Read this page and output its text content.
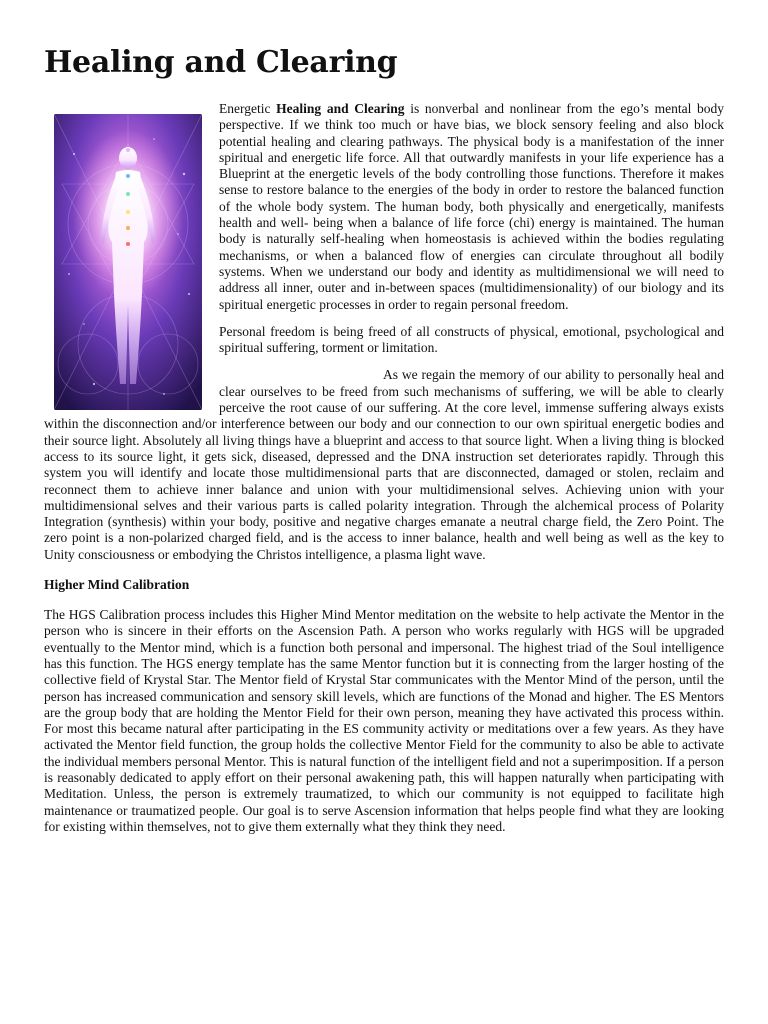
Healing and Clearing

Energetic Healing and Clearing is nonverbal and nonlinear from the ego’s mental body perspective. If we think too much or have bias, we block sensory feeling and also block potential healing and clearing pathways. The physical body is a manifestation of the inner spiritual and energetic life force. All that outwardly manifests in your life experience has a Blueprint at the energetic levels of the body controlling those functions. Therefore it makes sense to restore balance to the energies of the body in order to restore the balanced function of the whole body system. The human body, both physically and energetically, manifests health and well- being when a balance of life force (chi) energy is maintained. The human body is naturally self-healing when homeostasis is achieved within the bodies regulating mechanisms, or when a balanced flow of energies can circulate throughout all bodily systems. When we understand our body and identity as multidimensional we will need to address all inner, outer and in-between spaces (multidimensionality) of our biology and its spiritual energetic processes in order to regain personal freedom.

Personal freedom is being freed of all constructs of physical, emotional, psychological and spiritual suffering, torment or limitation.

As we regain the memory of our ability to personally heal and clear ourselves to be freed from such mechanisms of suffering, we will be able to clearly perceive the root cause of our suffering. At the core level, immense suffering always exists within the disconnection and/or interference between our body and our connection to our own spiritual energetic bodies and their source light. Absolutely all living things have a blueprint and access to that source light. When a living thing is blocked access to its source light, it gets sick, diseased, depressed and the DNA instruction set deteriorates rapidly. Through this system you will identify and locate those multidimensional parts that are disconnected, damaged or stolen, reclaim and reconnect them to achieve inner balance and union with your multidimensional selves. Achieving union with your multidimensional selves and their various parts is called polarity integration. Through the alchemical process of Polarity Integration (synthesis) within your body, positive and negative charges emanate a neutral charge field, the Zero Point. The zero point is a non-polarized charged field, and is the access to inner balance, health and well being as well as the key to Unity consciousness or embodying the Christos intelligence, a plasma light wave.

Higher Mind Calibration

The HGS Calibration process includes this Higher Mind Mentor meditation on the website to help activate the Mentor in the person who is sincere in their efforts on the Ascension Path. A person who works regularly with HGS will be upgraded eventually to the Mentor mind, which is a function both personal and impersonal. The highest triad of the Soul intelligence has this function. The HGS energy template has the same Mentor function but it is connecting from the larger hosting of the collective field of Krystal Star. The Mentor field of Krystal Star communicates with the Mentor Mind of the person, until the person has increased communication and sensory skill levels, which are functions of the Monad and higher. The ES Mentors are the group body that are holding the Mentor Field for their own person, meaning they have activated this process within. For most this became natural after participating in the ES community activity or meditations over a few years. As they have activated the Mentor field function, the group holds the collective Mentor Field for the community to also be able to activate the individual members personal Mentor. This is natural function of the intelligent field and not a superimposition. If a person is reasonably dedicated to apply effort on their personal awakening path, this will happen naturally when participating with Meditation. Unless, the person is extremely traumatized, to which our community is not equipped to facilitate high maintenance or traumatized people. Our goal is to serve Ascension information that helps people find what they are looking for existing within themselves, not to give them externally what they think they need.
